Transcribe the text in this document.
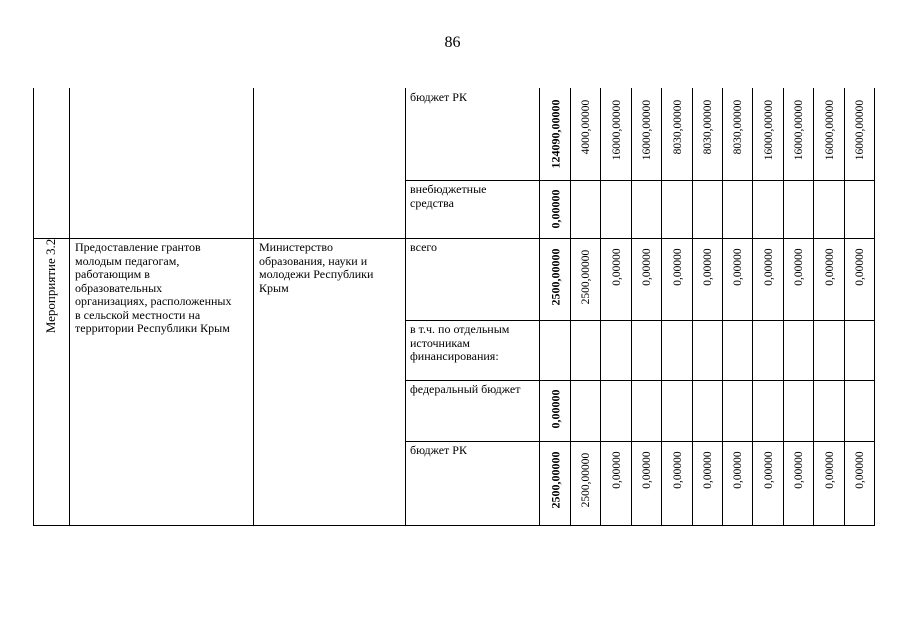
86
Мероприятие 3.2 Предоставление грантов
молодым педагогам,
работающим в
образовательных
организациях, расположенных
в сельской местности на
территории Республики Крым
Министерство
образования, науки и
молодежи Республики
Крым
бюджет РК
124090,00000 4000,00000 16000,00000 16000,00000 8030,00000 8030,00000 8030,00000 16000,00000 16000,00000 16000,00000 16000,00000
внебюджетные
средства	0,00000
всего
2500,00000 2500,00000 0,00000 0,00000 0,00000 0,00000 0,00000 0,00000 0,00000 0,00000 0,00000
в т.ч. по отдельным
источникам
финансирования:
федеральный бюджет
0,00000
бюджет РК
2500,00000 2500,00000 0,00000 0,00000 0,00000 0,00000 0,00000 0,00000 0,00000 0,00000 0,00000
